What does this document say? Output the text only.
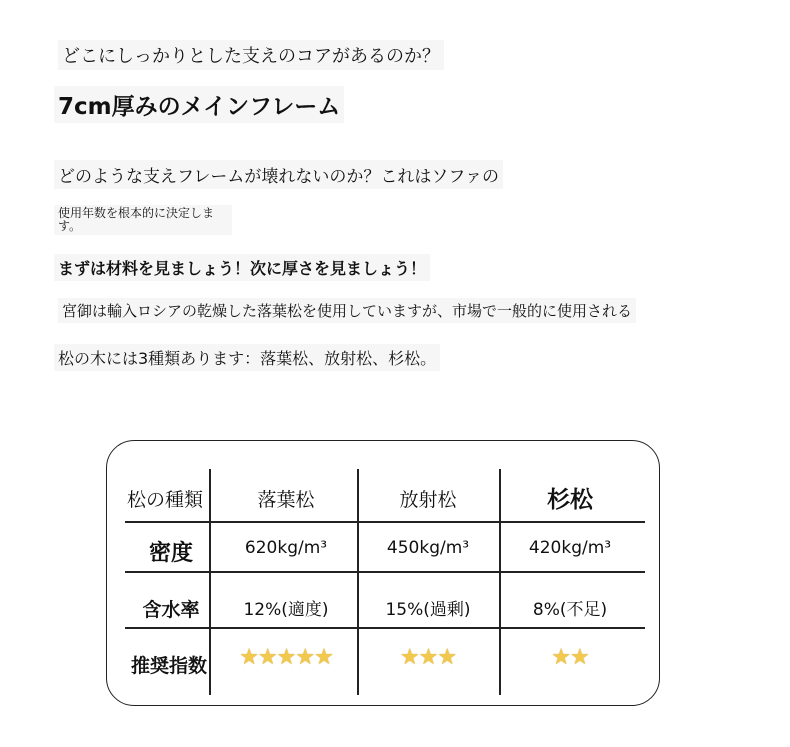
どこにしっかりとした支えのコアがあるのか？
7cm厚みのメインフレーム
どのような支えフレームが壊れないのか？これはソファの
使用年数を根本的に決定します。
まずは材料を見ましょう！次に厚さを見ましょう！
宮御は輸入ロシアの乾燥した落葉松を使用していますが、市場で一般的に使用される
松の木には3種類あります：落葉松、放射松、杉松。
松の種類	落葉松	放射松	杉松
密度	620kg/m³	450kg/m³	420kg/m³
含水率	12%(適度)	15%(過剰)	8%(不足)
推奨指数	★★★★★	★★★	★★
